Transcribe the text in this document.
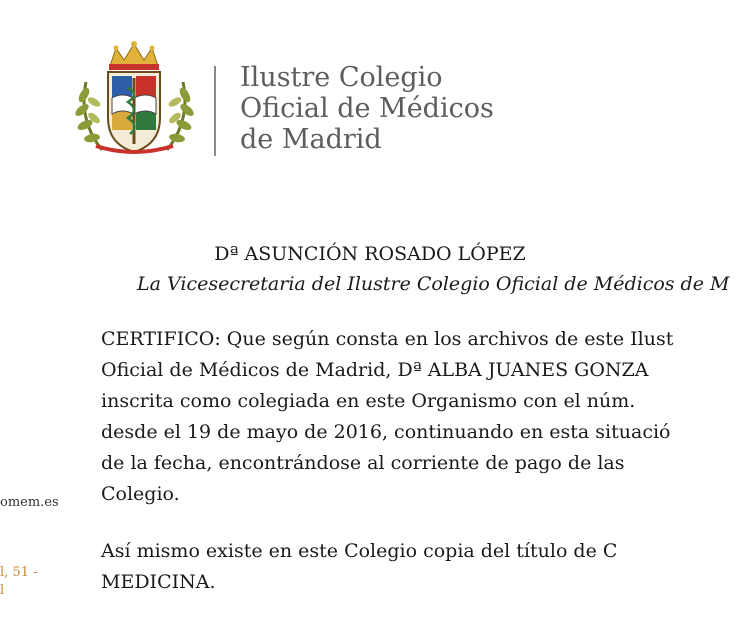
Ilustre Colegio
Oficial de Médicos
de Madrid
Dª ASUNCIÓN ROSADO LÓPEZ
La Vicesecretaria del Ilustre Colegio Oficial de Médicos de M
CERTIFICO: Que según consta en los archivos de este Ilust
Oficial de Médicos de Madrid, Dª ALBA JUANES GONZA
inscrita como colegiada en este Organismo con el núm.
desde el 19 de mayo de 2016, continuando en esta situació
de la fecha, encontrándose al corriente de pago de las
Colegio.
Así mismo existe en este Colegio copia del título de C
MEDICINA.
omem.es
l, 51 -
l
